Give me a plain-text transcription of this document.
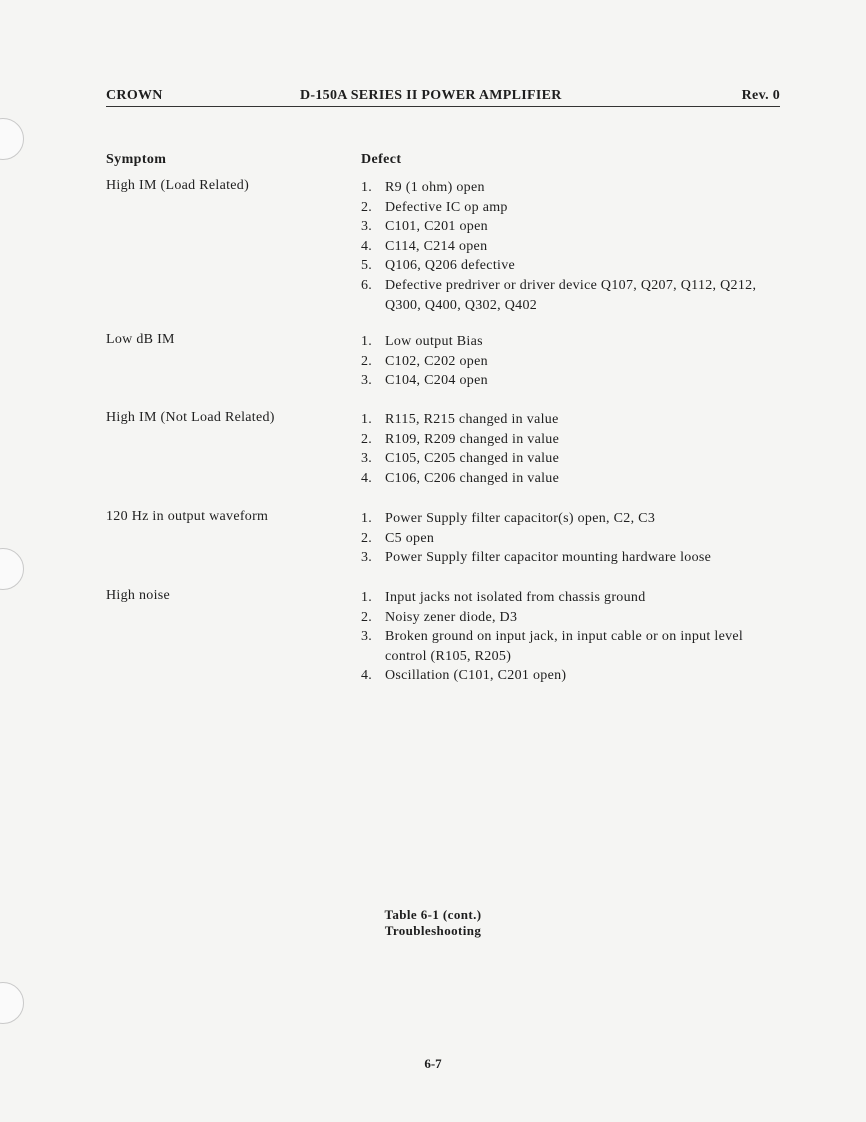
CROWN	D-150A SERIES II POWER AMPLIFIER	Rev. 0
Symptom	Defect
High IM (Load Related)	1. R9 (1 ohm) open
2. Defective IC op amp
3. C101, C201 open
4. C114, C214 open
5. Q106, Q206 defective
6. Defective predriver or driver device Q107, Q207, Q112, Q212, Q300, Q400, Q302, Q402
Low dB IM	1. Low output Bias
2. C102, C202 open
3. C104, C204 open
High IM (Not Load Related)	1. R115, R215 changed in value
2. R109, R209 changed in value
3. C105, C205 changed in value
4. C106, C206 changed in value
120 Hz in output waveform	1. Power Supply filter capacitor(s) open, C2, C3
2. C5 open
3. Power Supply filter capacitor mounting hardware loose
High noise	1. Input jacks not isolated from chassis ground
2. Noisy zener diode, D3
3. Broken ground on input jack, in input cable or on input level control (R105, R205)
4. Oscillation (C101, C201 open)
Table 6-1 (cont.)
Troubleshooting
6-7
